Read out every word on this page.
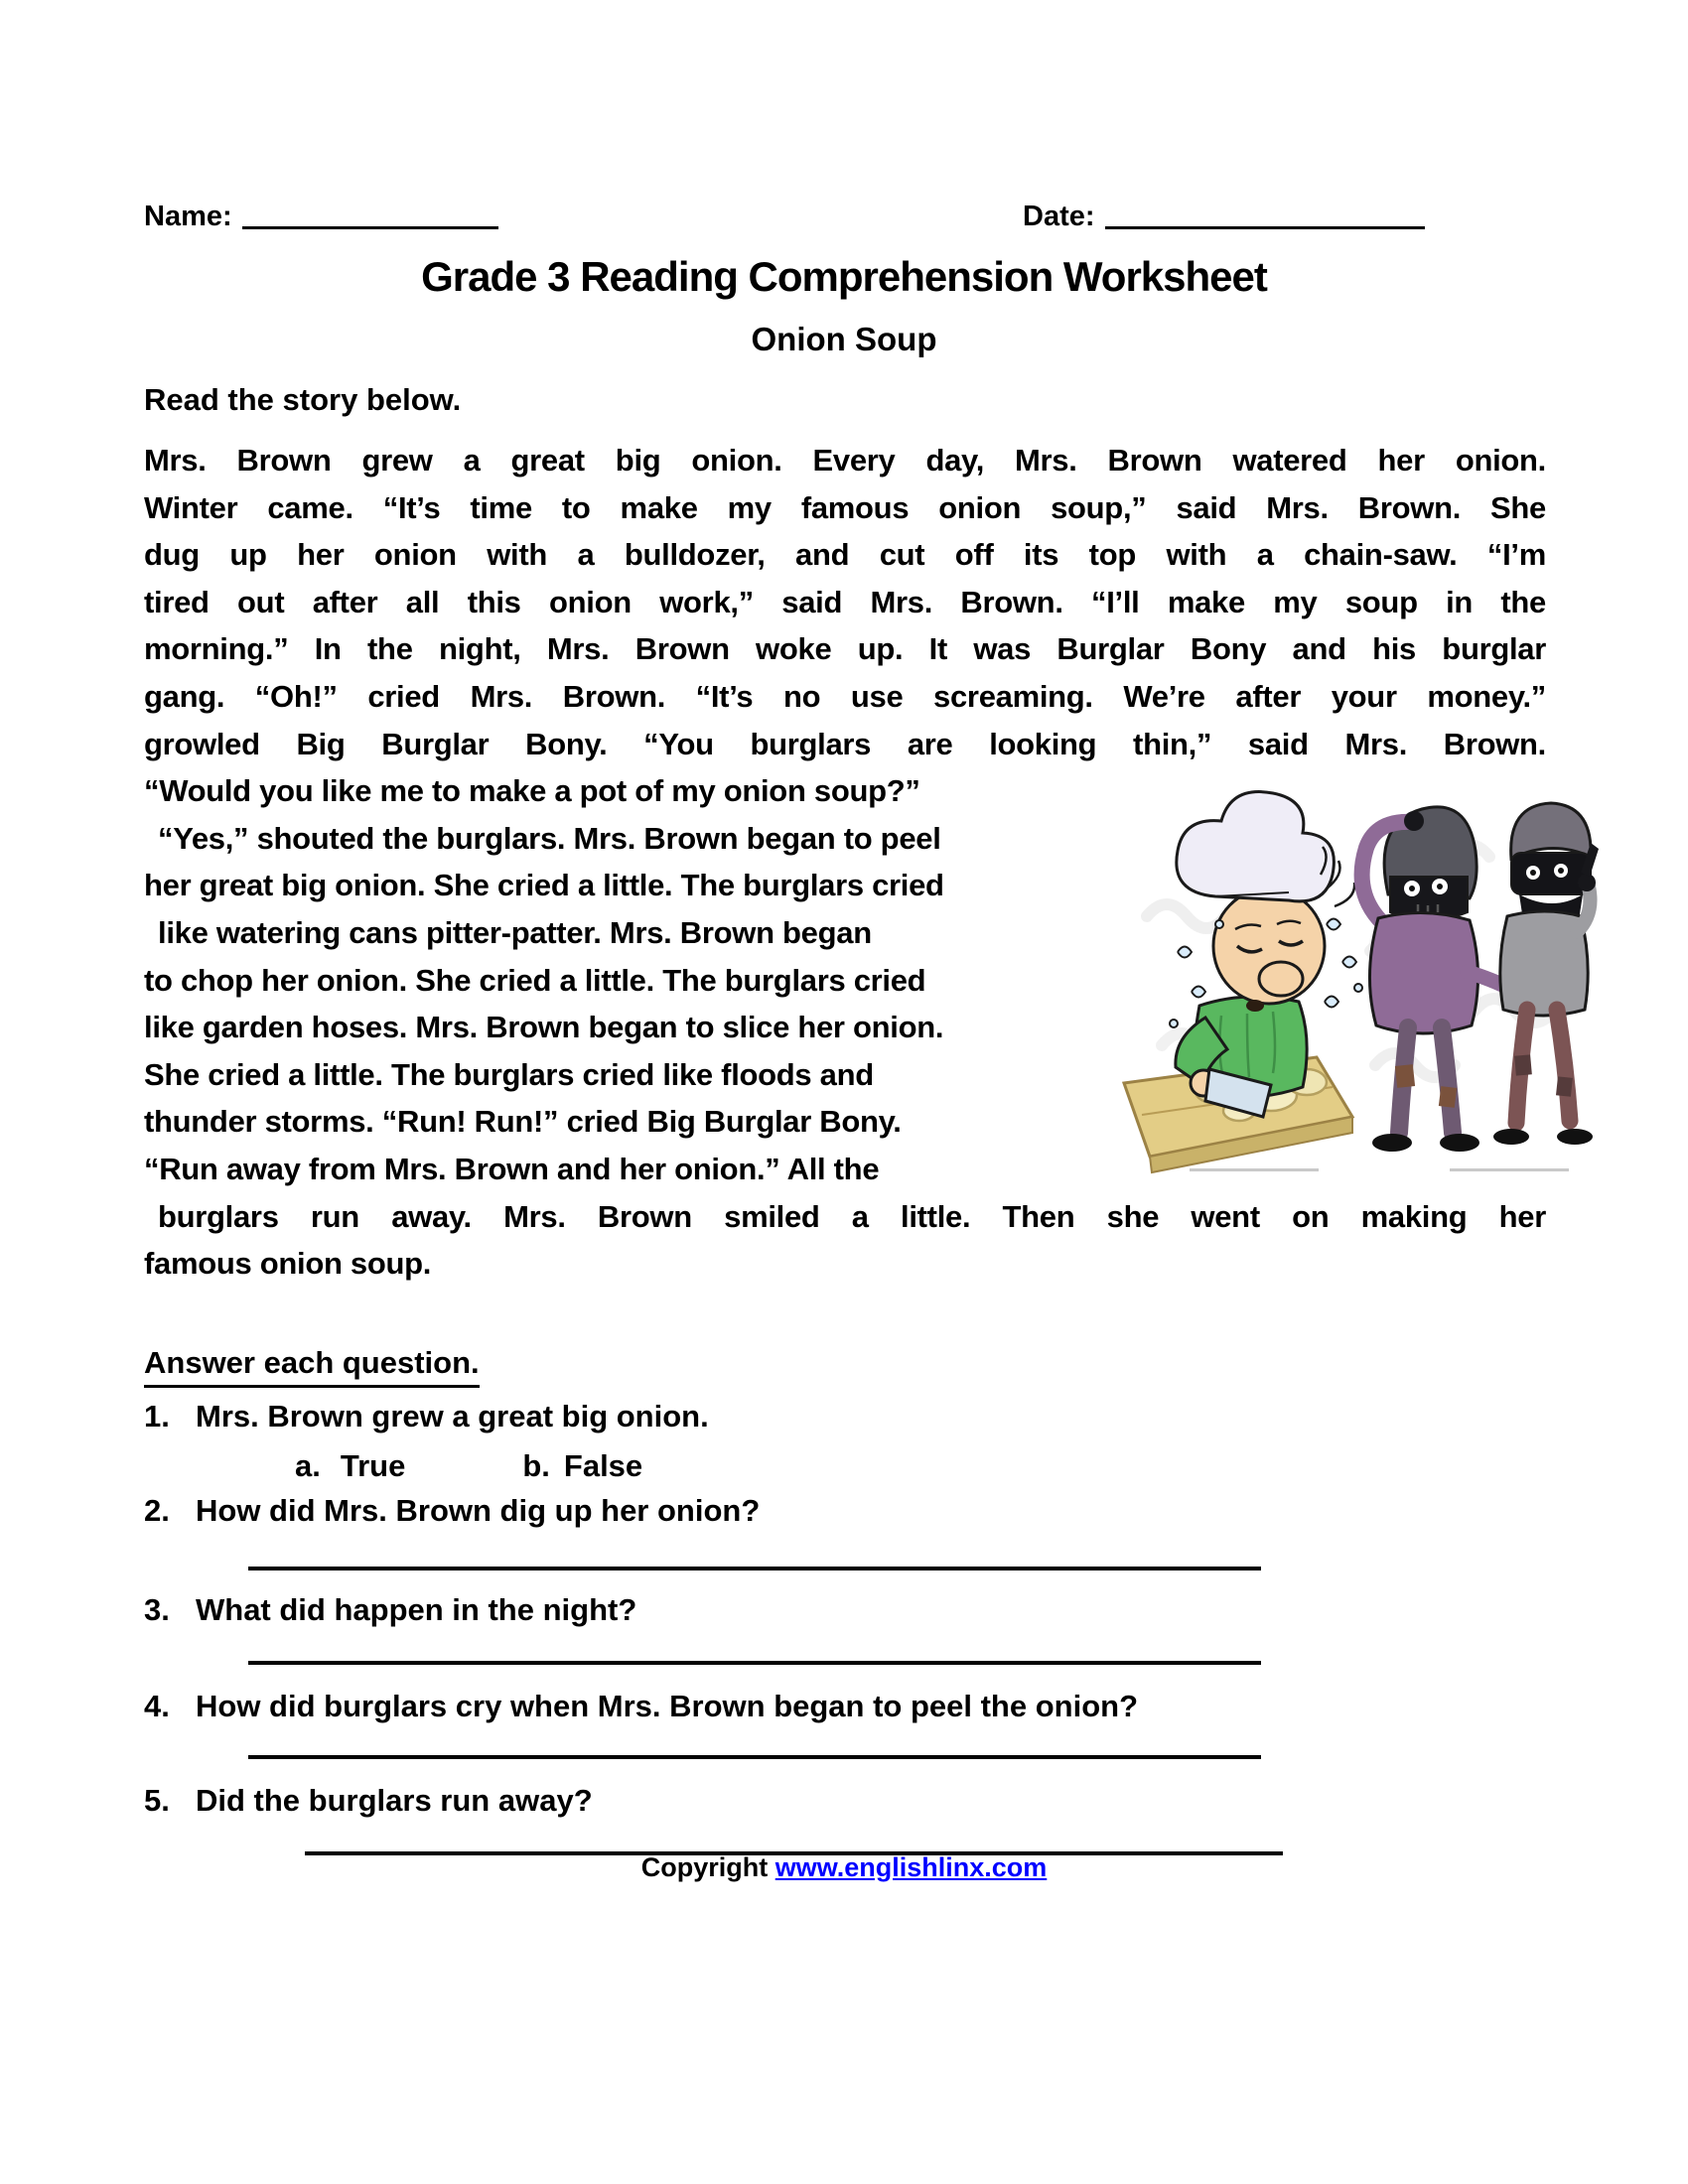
Name:	Date:
Grade 3 Reading Comprehension Worksheet
Onion Soup
Read the story below.
Mrs. Brown grew a great big onion. Every day, Mrs. Brown watered her onion.
Winter came. “It’s time to make my famous onion soup,” said Mrs. Brown. She
dug up her onion with a bulldozer, and cut off its top with a chain-saw. “I’m
tired out after all this onion work,” said Mrs. Brown. “I’ll make my soup in the
morning.” In the night, Mrs. Brown woke up. It was Burglar Bony and his burglar
gang. “Oh!” cried Mrs. Brown. “It’s no use screaming. We’re after your money.”
growled Big Burglar Bony. “You burglars are looking thin,” said Mrs. Brown.
“Would you like me to make a pot of my onion soup?”
“Yes,” shouted the burglars. Mrs. Brown began to peel
her great big onion. She cried a little. The burglars cried
like watering cans pitter-patter. Mrs. Brown began
to chop her onion. She cried a little. The burglars cried
like garden hoses. Mrs. Brown began to slice her onion.
She cried a little. The burglars cried like floods and
thunder storms. “Run! Run!” cried Big Burglar Bony.
“Run away from Mrs. Brown and her onion.” All the
burglars run away. Mrs. Brown smiled a little. Then she went on making her
famous onion soup.
Answer each question.
1. Mrs. Brown grew a great big onion.
a. True	b. False
2. How did Mrs. Brown dig up her onion?
3. What did happen in the night?
4. How did burglars cry when Mrs. Brown began to peel the onion?
5. Did the burglars run away?
Copyright www.englishlinx.com
